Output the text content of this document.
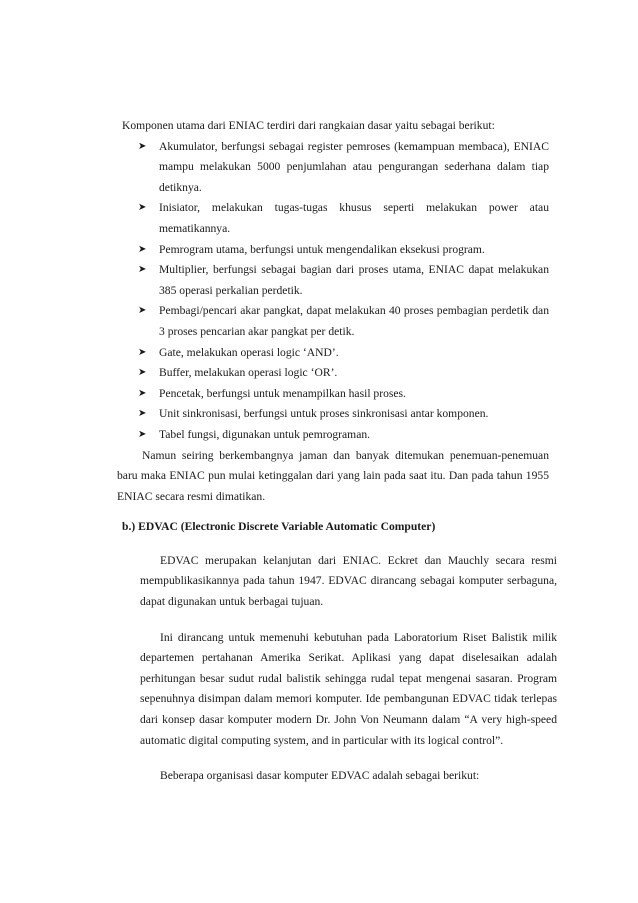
Komponen utama dari ENIAC terdiri dari rangkaian dasar yaitu sebagai berikut:

➤ Akumulator, berfungsi sebagai register pemroses (kemampuan membaca), ENIAC mampu melakukan 5000 penjumlahan atau pengurangan sederhana dalam tiap detiknya.
➤ Inisiator, melakukan tugas-tugas khusus seperti melakukan power atau mematikannya.
➤ Pemrogram utama, berfungsi untuk mengendalikan eksekusi program.
➤ Multiplier, berfungsi sebagai bagian dari proses utama, ENIAC dapat melakukan 385 operasi perkalian perdetik.
➤ Pembagi/pencari akar pangkat, dapat melakukan 40 proses pembagian perdetik dan 3 proses pencarian akar pangkat per detik.
➤ Gate, melakukan operasi logic ‘AND’.
➤ Buffer, melakukan operasi logic ‘OR’.
➤ Pencetak, berfungsi untuk menampilkan hasil proses.
➤ Unit sinkronisasi, berfungsi untuk proses sinkronisasi antar komponen.
➤ Tabel fungsi, digunakan untuk pemrograman.

Namun seiring berkembangnya jaman dan banyak ditemukan penemuan-penemuan baru maka ENIAC pun mulai ketinggalan dari yang lain pada saat itu. Dan pada tahun 1955 ENIAC secara resmi dimatikan.

b.) EDVAC (Electronic Discrete Variable Automatic Computer)

EDVAC merupakan kelanjutan dari ENIAC. Eckret dan Mauchly secara resmi mempublikasikannya pada tahun 1947. EDVAC dirancang sebagai komputer serbaguna, dapat digunakan untuk berbagai tujuan.

Ini dirancang untuk memenuhi kebutuhan pada Laboratorium Riset Balistik milik departemen pertahanan Amerika Serikat. Aplikasi yang dapat diselesaikan adalah perhitungan besar sudut rudal balistik sehingga rudal tepat mengenai sasaran. Program sepenuhnya disimpan dalam memori komputer. Ide pembangunan EDVAC tidak terlepas dari konsep dasar komputer modern Dr. John Von Neumann dalam “A very high-speed automatic digital computing system, and in particular with its logical control”.

Beberapa organisasi dasar komputer EDVAC adalah sebagai berikut:
